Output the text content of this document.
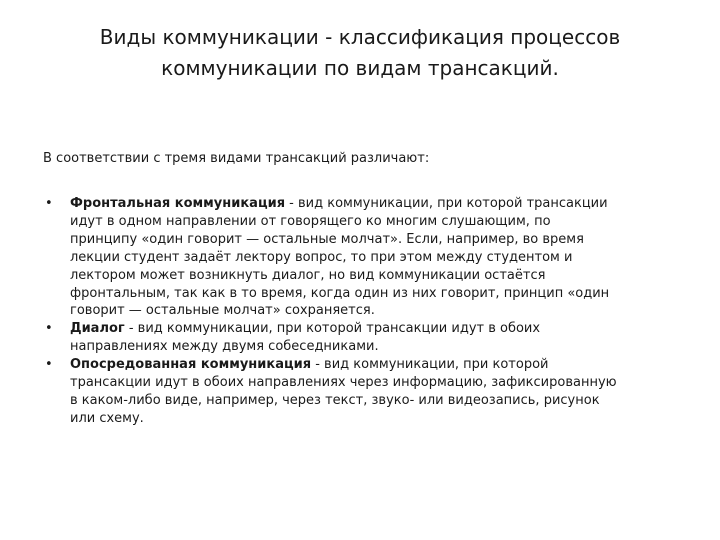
Виды коммуникации - классификация процессов
коммуникации по видам трансакций.
В соответствии с тремя видами трансакций различают:
•	Фронтальная коммуникация - вид коммуникации, при которой трансакции
идут в одном направлении от говорящего ко многим слушающим, по
принципу «один говорит — остальные молчат». Если, например, во время
лекции студент задаёт лектору вопрос, то при этом между студентом и
лектором может возникнуть диалог, но вид коммуникации остаётся
фронтальным, так как в то время, когда один из них говорит, принцип «один
говорит — остальные молчат» сохраняется.
•	Диалог - вид коммуникации, при которой трансакции идут в обоих
направлениях между двумя собеседниками.
•	Опосредованная коммуникация - вид коммуникации, при которой
трансакции идут в обоих направлениях через информацию, зафиксированную
в каком-либо виде, например, через текст, звуко- или видеозапись, рисунок
или схему.
